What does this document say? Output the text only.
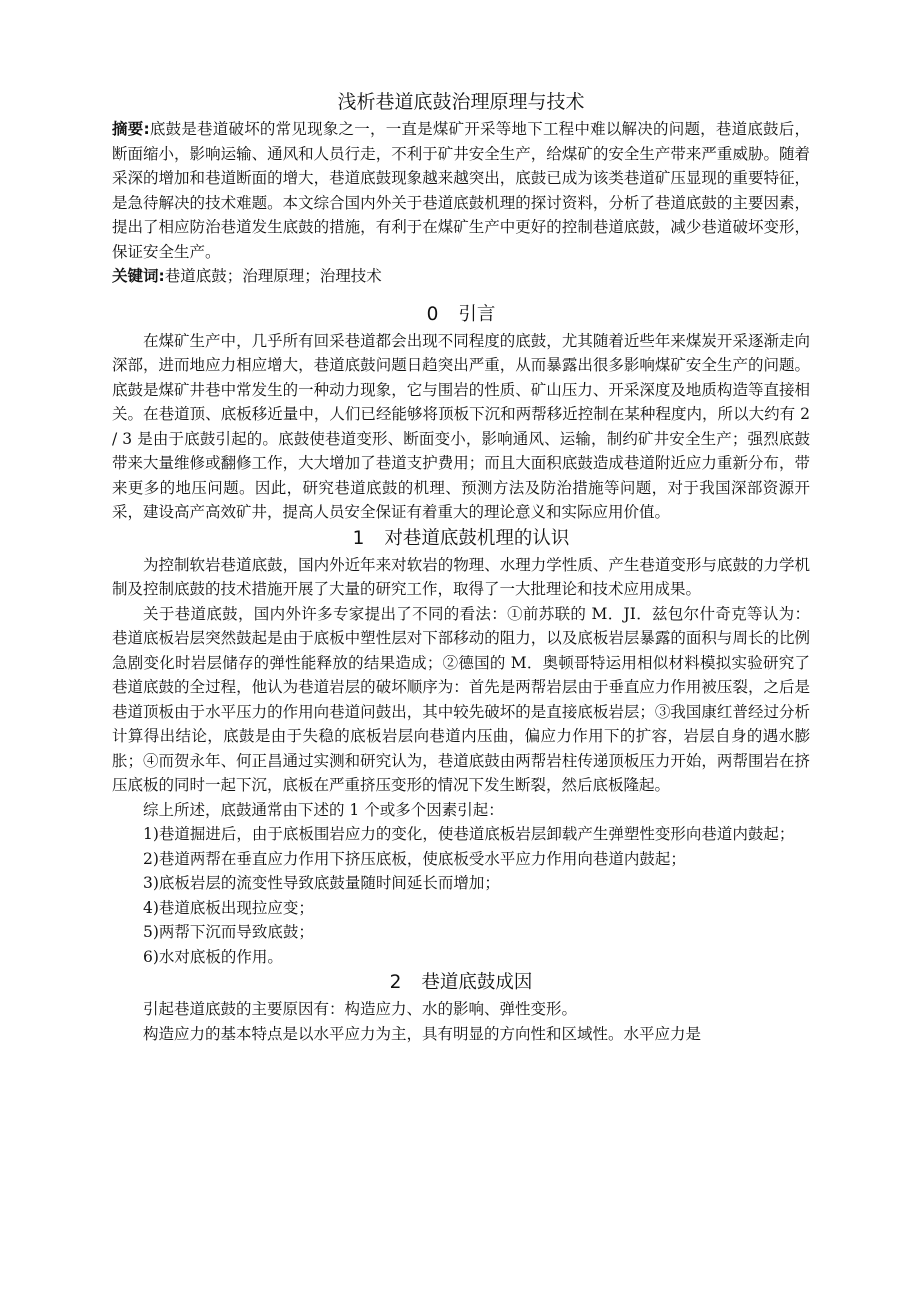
浅析巷道底鼓治理原理与技术

摘要:底鼓是巷道破坏的常见现象之一，一直是煤矿开采等地下工程中难以解决的问题，巷道底鼓后，断面缩小，影响运输、通风和人员行走，不利于矿井安全生产，给煤矿的安全生产带来严重威胁。随着采深的增加和巷道断面的增大，巷道底鼓现象越来越突出，底鼓已成为该类巷道矿压显现的重要特征，是急待解决的技术难题。本文综合国内外关于巷道底鼓机理的探讨资料，分析了巷道底鼓的主要因素，提出了相应防治巷道发生底鼓的措施，有利于在煤矿生产中更好的控制巷道底鼓，减少巷道破坏变形，保证安全生产。

关键词:巷道底鼓；治理原理；治理技术

0 引言

在煤矿生产中，几乎所有回采巷道都会出现不同程度的底鼓，尤其随着近些年来煤炭开采逐渐走向深部，进而地应力相应增大，巷道底鼓问题日趋突出严重，从而暴露出很多影响煤矿安全生产的问题。底鼓是煤矿井巷中常发生的一种动力现象，它与围岩的性质、矿山压力、开采深度及地质构造等直接相关。在巷道顶、底板移近量中，人们已经能够将顶板下沉和两帮移近控制在某种程度内，所以大约有 2 / 3 是由于底鼓引起的。底鼓使巷道变形、断面变小，影响通风、运输，制约矿井安全生产；强烈底鼓带来大量维修或翻修工作，大大增加了巷道支护费用；而且大面积底鼓造成巷道附近应力重新分布，带来更多的地压问题。因此，研究巷道底鼓的机理、预测方法及防治措施等问题，对于我国深部资源开采，建设高产高效矿井，提高人员安全保证有着重大的理论意义和实际应用价值。

1 对巷道底鼓机理的认识

为控制软岩巷道底鼓，国内外近年来对软岩的物理、水理力学性质、产生巷道变形与底鼓的力学机制及控制底鼓的技术措施开展了大量的研究工作，取得了一大批理论和技术应用成果。

关于巷道底鼓，国内外许多专家提出了不同的看法：①前苏联的 M．JI．兹包尔什奇克等认为：巷道底板岩层突然鼓起是由于底板中塑性层对下部移动的阻力，以及底板岩层暴露的面积与周长的比例急剧变化时岩层储存的弹性能释放的结果造成；②德国的 M．奥顿哥特运用相似材料模拟实验研究了巷道底鼓的全过程，他认为巷道岩层的破坏顺序为：首先是两帮岩层由于垂直应力作用被压裂，之后是巷道顶板由于水平压力的作用向巷道问鼓出，其中较先破坏的是直接底板岩层；③我国康红普经过分析计算得出结论，底鼓是由于失稳的底板岩层向巷道内压曲，偏应力作用下的扩容，岩层自身的遇水膨胀；④而贺永年、何正昌通过实测和研究认为，巷道底鼓由两帮岩柱传递顶板压力开始，两帮围岩在挤压底板的同时一起下沉，底板在严重挤压变形的情况下发生断裂，然后底板隆起。

综上所述，底鼓通常由下述的 1 个或多个因素引起：

1)巷道掘进后，由于底板围岩应力的变化，使巷道底板岩层卸载产生弹塑性变形向巷道内鼓起；

2)巷道两帮在垂直应力作用下挤压底板，使底板受水平应力作用向巷道内鼓起；

3)底板岩层的流变性导致底鼓量随时间延长而增加；

4)巷道底板出现拉应变；

5)两帮下沉而导致底鼓；

6)水对底板的作用。

2 巷道底鼓成因

引起巷道底鼓的主要原因有：构造应力、水的影响、弹性变形。

构造应力的基本特点是以水平应力为主，具有明显的方向性和区域性。水平应力是
